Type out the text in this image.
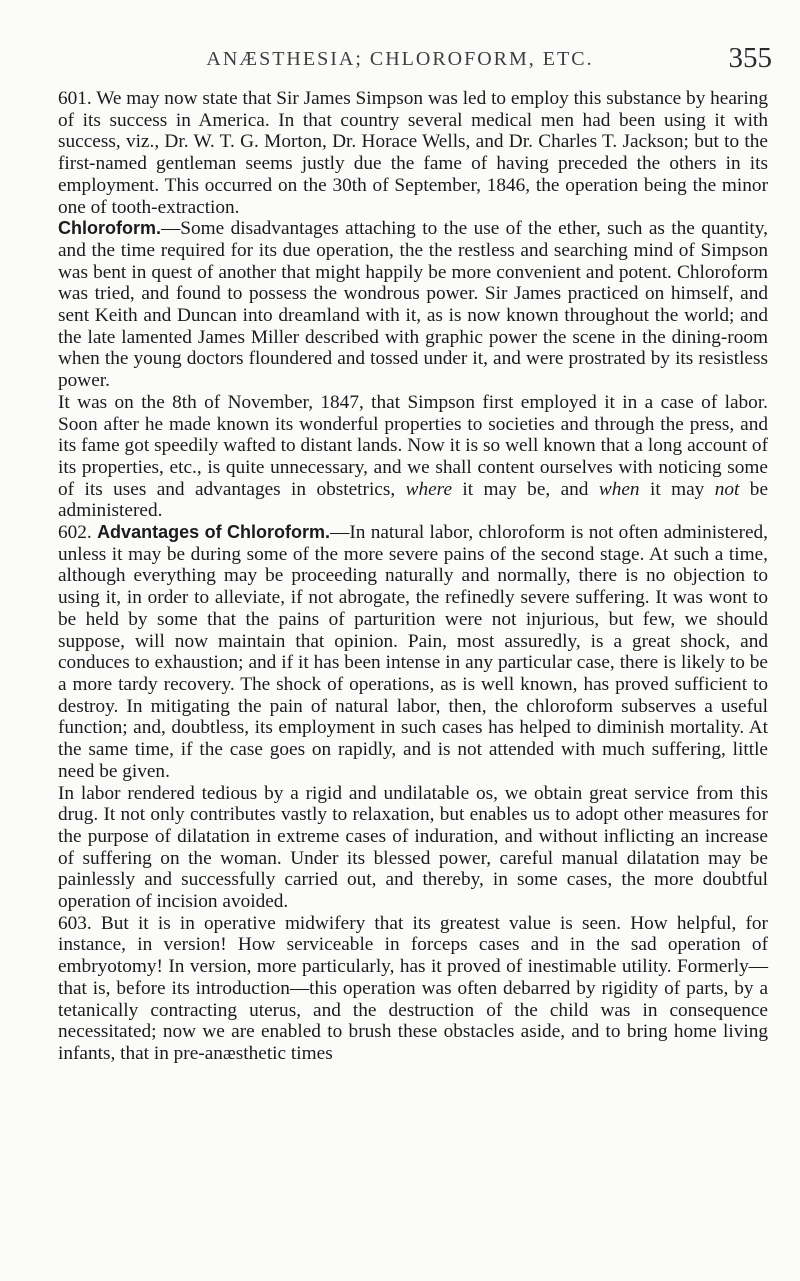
ANÆSTHESIA; CHLOROFORM, ETC.	355

601. We may now state that Sir James Simpson was led to employ this substance by hearing of its success in America. In that country several medical men had been using it with success, viz., Dr. W. T. G. Morton, Dr. Horace Wells, and Dr. Charles T. Jackson; but to the first-named gentleman seems justly due the fame of having preceded the others in its employment. This occurred on the 30th of September, 1846, the operation being the minor one of tooth-extraction.

Chloroform.—Some disadvantages attaching to the use of the ether, such as the quantity, and the time required for its due operation, the the restless and searching mind of Simpson was bent in quest of another that might happily be more convenient and potent. Chloroform was tried, and found to possess the wondrous power. Sir James practiced on himself, and sent Keith and Duncan into dreamland with it, as is now known throughout the world; and the late lamented James Miller described with graphic power the scene in the dining-room when the young doctors floundered and tossed under it, and were prostrated by its resistless power.

It was on the 8th of November, 1847, that Simpson first employed it in a case of labor. Soon after he made known its wonderful properties to societies and through the press, and its fame got speedily wafted to distant lands. Now it is so well known that a long account of its properties, etc., is quite unnecessary, and we shall content ourselves with noticing some of its uses and advantages in obstetrics, where it may be, and when it may not be administered.

602. Advantages of Chloroform.—In natural labor, chloroform is not often administered, unless it may be during some of the more severe pains of the second stage. At such a time, although everything may be proceeding naturally and normally, there is no objection to using it, in order to alleviate, if not abrogate, the refinedly severe suffering. It was wont to be held by some that the pains of parturition were not injurious, but few, we should suppose, will now maintain that opinion. Pain, most assuredly, is a great shock, and conduces to exhaustion; and if it has been intense in any particular case, there is likely to be a more tardy recovery. The shock of operations, as is well known, has proved sufficient to destroy. In mitigating the pain of natural labor, then, the chloroform subserves a useful function; and, doubtless, its employment in such cases has helped to diminish mortality. At the same time, if the case goes on rapidly, and is not attended with much suffering, little need be given.

In labor rendered tedious by a rigid and undilatable os, we obtain great service from this drug. It not only contributes vastly to relaxation, but enables us to adopt other measures for the purpose of dilatation in extreme cases of induration, and without inflicting an increase of suffering on the woman. Under its blessed power, careful manual dilatation may be painlessly and successfully carried out, and thereby, in some cases, the more doubtful operation of incision avoided.

603. But it is in operative midwifery that its greatest value is seen. How helpful, for instance, in version! How serviceable in forceps cases and in the sad operation of embryotomy! In version, more particularly, has it proved of inestimable utility. Formerly—that is, before its introduction—this operation was often debarred by rigidity of parts, by a tetanically contracting uterus, and the destruction of the child was in consequence necessitated; now we are enabled to brush these obstacles aside, and to bring home living infants, that in pre-anæsthetic times
